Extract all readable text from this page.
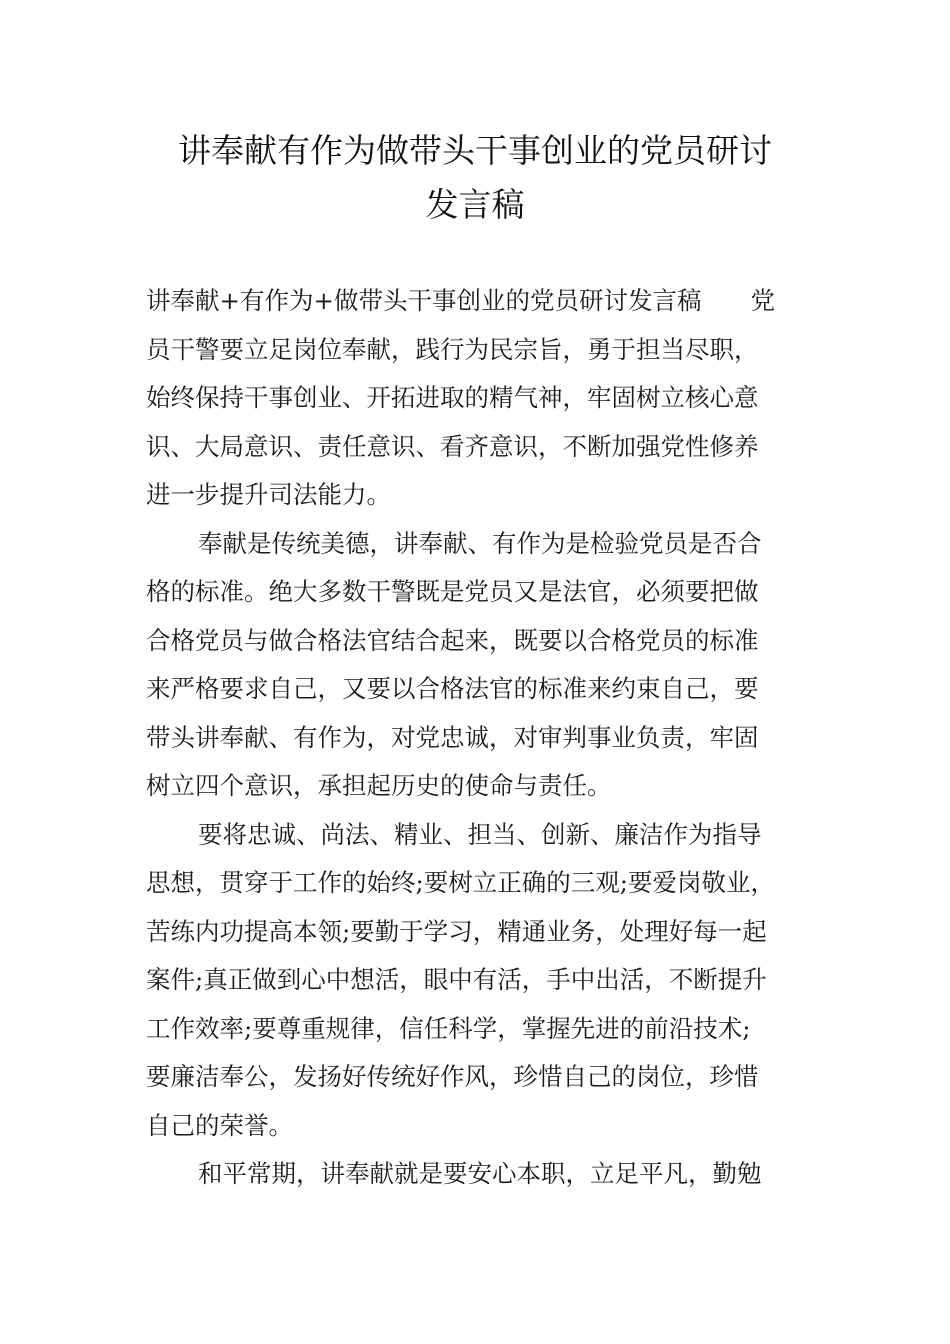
讲奉献有作为做带头干事创业的党员研讨
发言稿

讲奉献+有作为+做带头干事创业的党员研讨发言稿　　党
员干警要立足岗位奉献，践行为民宗旨，勇于担当尽职，
始终保持干事创业、开拓进取的精气神，牢固树立核心意
识、大局意识、责任意识、看齐意识，不断加强党性修养
进一步提升司法能力。

奉献是传统美德，讲奉献、有作为是检验党员是否合
格的标准。绝大多数干警既是党员又是法官，必须要把做
合格党员与做合格法官结合起来，既要以合格党员的标准
来严格要求自己，又要以合格法官的标准来约束自己，要
带头讲奉献、有作为，对党忠诚，对审判事业负责，牢固
树立四个意识，承担起历史的使命与责任。

要将忠诚、尚法、精业、担当、创新、廉洁作为指导
思想，贯穿于工作的始终;要树立正确的三观;要爱岗敬业，
苦练内功提高本领;要勤于学习，精通业务，处理好每一起
案件;真正做到心中想活，眼中有活，手中出活，不断提升
工作效率;要尊重规律，信任科学，掌握先进的前沿技术;
要廉洁奉公，发扬好传统好作风，珍惜自己的岗位，珍惜
自己的荣誉。

和平常期，讲奉献就是要安心本职，立足平凡，勤勉
